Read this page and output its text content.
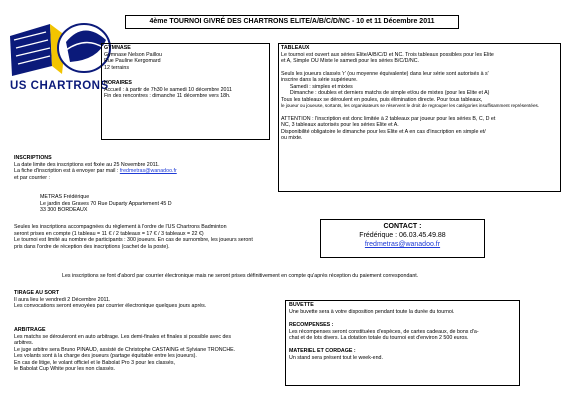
4ème TOURNOI GIVRÉ DES CHARTRONS ELITE/A/B/C/D/NC - 10 et 11 Décembre 2011
US CHARTRONS
GYMNASE
Gymnase Nelson Paillou
Rue Pauline Kergomard
12 terrains
HORAIRES
Accueil : à partir de 7h30 le samedi 10 décembre 2011
Fin des rencontres : dimanche 11 décembre vers 18h.
TABLEAUX
Le tournoi est ouvert aux séries Elite/A/B/C/D et NC. Trois tableaux possibles pour les Elite
et A, Simple OU Mixte le samedi pour les séries B/C/D/NC.
Seuls les joueurs classés 'r' (ou moyenne équivalente) dans leur série sont autorisés à s'
inscrire dans la série supérieure.
Samedi : simples et mixtes
Dimanche : doubles et derniers matchs de simple et/ou de mixtes (pour les Elite et A)
Tous les tableaux se déroulent en poules, puis élimination directe. Pour tous tableaux,
le joueur ou joueuse, sortants, les organisateurs se réservent le droit de regrouper les catégories insuffisamment représentées.
ATTENTION : l'inscription est donc limitée à 2 tableaux par joueur pour les séries B, C, D et
NC, 3 tableaux autorisés pour les séries Elite et A.
Disponibilité obligatoire le dimanche pour les Elite et A en cas d'inscription en simple et/
ou mixte.
INSCRIPTIONS
La date limite des inscriptions est fixée au 25 Novembre 2011.
La fiche d'inscription est à envoyer par mail : fredmetras@wanadoo.fr
et par courrier :
METRAS Frédérique
Le jardin des Graves 70 Rue Duparty Appartement 45 D
33 300 BORDEAUX
Seules les inscriptions accompagnées du règlement à l'ordre de l'US Chartrons Badminton
seront prises en compte (1 tableau = 11 € / 2 tableaux = 17 € / 3 tableaux = 22 €)
Le tournoi est limité au nombre de participants : 300 joueurs. En cas de surnombre, les joueurs seront
pris dans l'ordre de réception des inscriptions (cachet de la poste).
CONTACT :
Frédérique : 06.03.45.49.88
fredmetras@wanadoo.fr
Les inscriptions se font d'abord par courrier électronique mais ne seront prises définitivement en compte qu'après réception du paiement correspondant.
TIRAGE AU SORT
Il aura lieu le vendredi 2 Décembre 2011.
Les convocations seront envoyées par courrier électronique quelques jours après.
ARBITRAGE
Les matchs se dérouleront en auto arbitrage. Les demi-finales et finales si possible avec des
arbitres.
Le juge arbitre sera Bruno PINAUD, assisté de Christophe CASTAING et Sylviane TRONCHE.
Les volants sont à la charge des joueurs (partage équitable entre les joueurs).
En cas de litige, le volant officiel et le Babolat Pro 3 pour les classés,
le Babolat Cup White pour les non classés.
BUVETTE
Une buvette sera à votre disposition pendant toute la durée du tournoi.
RECOMPENSES :
Les récompenses seront constituées d'espèces, de cartes cadeaux, de bons d'a-
chat et de lots divers. La dotation totale du tournoi est d'environ 2 500 euros.
MATERIEL ET CORDAGE :
Un stand sera présent tout le week-end.
